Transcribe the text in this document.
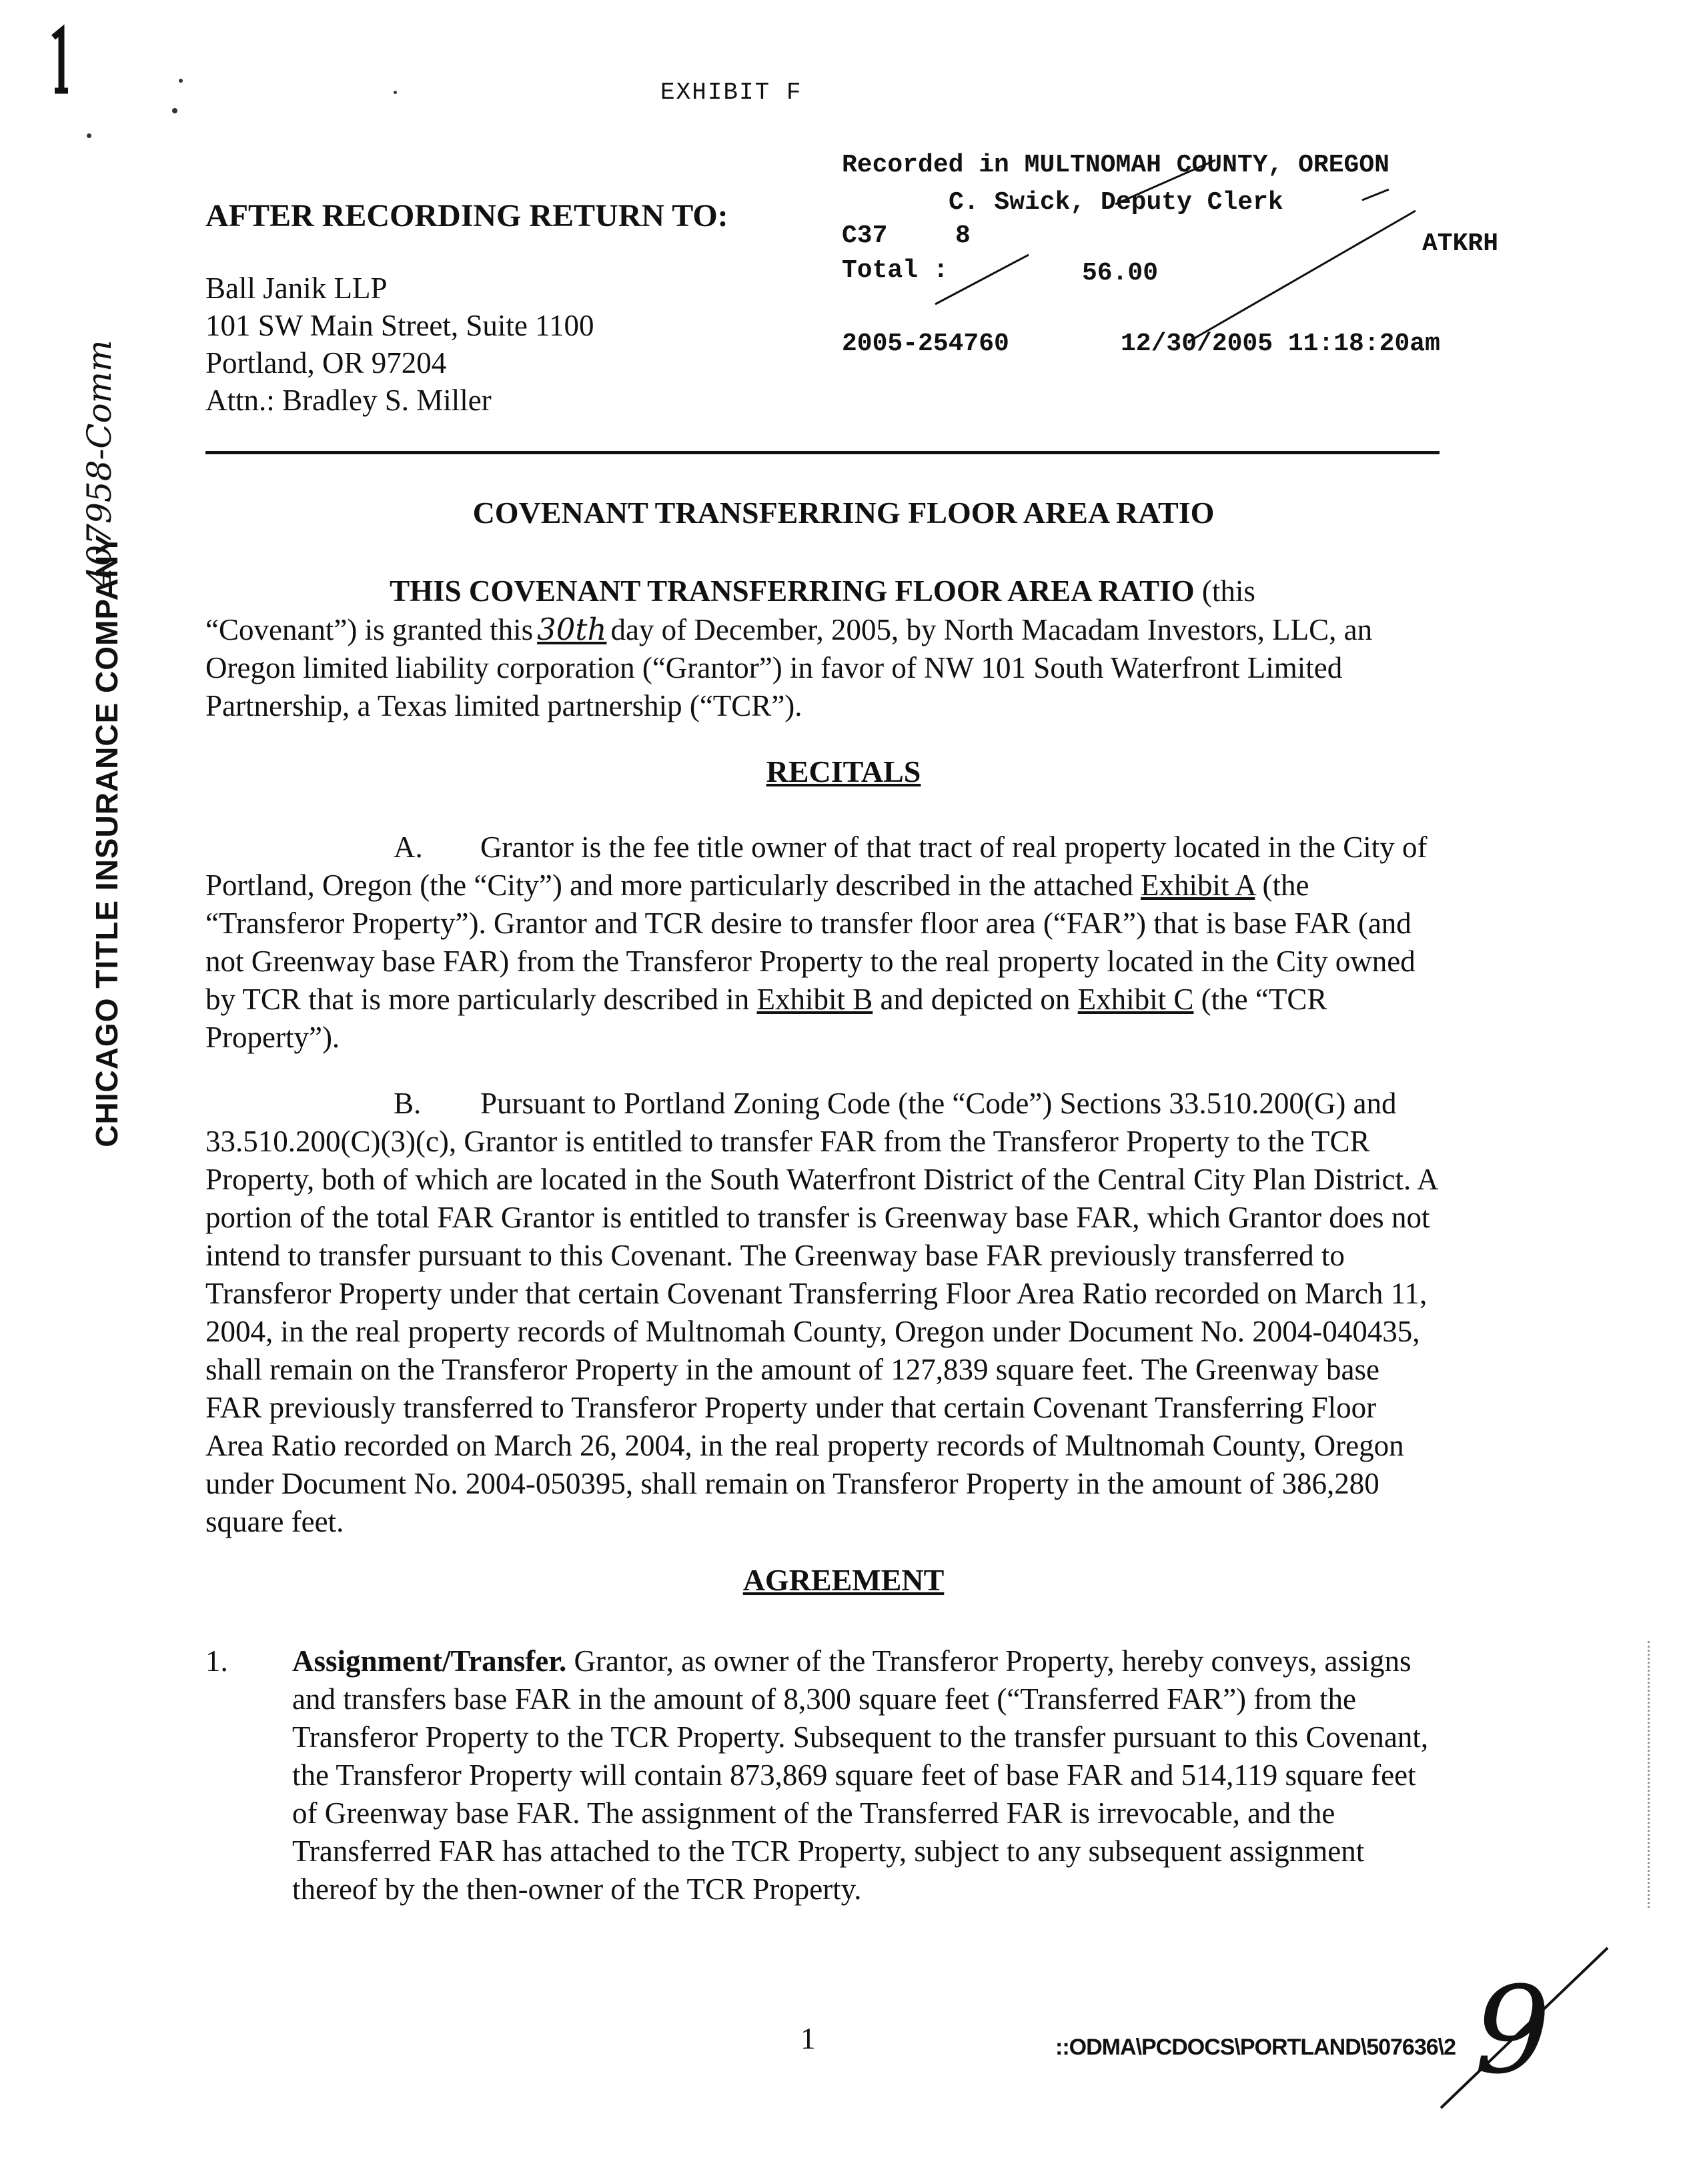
EXHIBIT F
Recorded in MULTNOMAH COUNTY, OREGON
C. Swick, Deputy Clerk
C37	8	ATKRH
Total :	56.00
2005-254760	12/30/2005 11:18:20am
AFTER RECORDING RETURN TO:
Ball Janik LLP
101 SW Main Street, Suite 1100
Portland, OR 97204
Attn.: Bradley S. Miller
COVENANT TRANSFERRING FLOOR AREA RATIO
THIS COVENANT TRANSFERRING FLOOR AREA RATIO (this
“Covenant”) is granted this 30th day of December, 2005, by North Macadam Investors, LLC, an Oregon limited liability corporation (“Grantor”) in favor of NW 101 South Waterfront Limited Partnership, a Texas limited partnership (“TCR”).
RECITALS
A. Grantor is the fee title owner of that tract of real property located in the City of Portland, Oregon (the “City”) and more particularly described in the attached Exhibit A (the “Transferor Property”). Grantor and TCR desire to transfer floor area (“FAR”) that is base FAR (and not Greenway base FAR) from the Transferor Property to the real property located in the City owned by TCR that is more particularly described in Exhibit B and depicted on Exhibit C (the “TCR Property”).
B. Pursuant to Portland Zoning Code (the “Code”) Sections 33.510.200(G) and 33.510.200(C)(3)(c), Grantor is entitled to transfer FAR from the Transferor Property to the TCR Property, both of which are located in the South Waterfront District of the Central City Plan District. A portion of the total FAR Grantor is entitled to transfer is Greenway base FAR, which Grantor does not intend to transfer pursuant to this Covenant. The Greenway base FAR previously transferred to Transferor Property under that certain Covenant Transferring Floor Area Ratio recorded on March 11, 2004, in the real property records of Multnomah County, Oregon under Document No. 2004-040435, shall remain on the Transferor Property in the amount of 127,839 square feet. The Greenway base FAR previously transferred to Transferor Property under that certain Covenant Transferring Floor Area Ratio recorded on March 26, 2004, in the real property records of Multnomah County, Oregon under Document No. 2004-050395, shall remain on Transferor Property in the amount of 386,280 square feet.
AGREEMENT
1. Assignment/Transfer. Grantor, as owner of the Transferor Property, hereby conveys, assigns and transfers base FAR in the amount of 8,300 square feet (“Transferred FAR”) from the Transferor Property to the TCR Property. Subsequent to the transfer pursuant to this Covenant, the Transferor Property will contain 873,869 square feet of base FAR and 514,119 square feet of Greenway base FAR. The assignment of the Transferred FAR is irrevocable, and the Transferred FAR has attached to the TCR Property, subject to any subsequent assignment thereof by the then-owner of the TCR Property.
1	::ODMA\PCDOCS\PORTLAND\507636\2
CHICAGO TITLE INSURANCE COMPANY
407958-Comm
9
